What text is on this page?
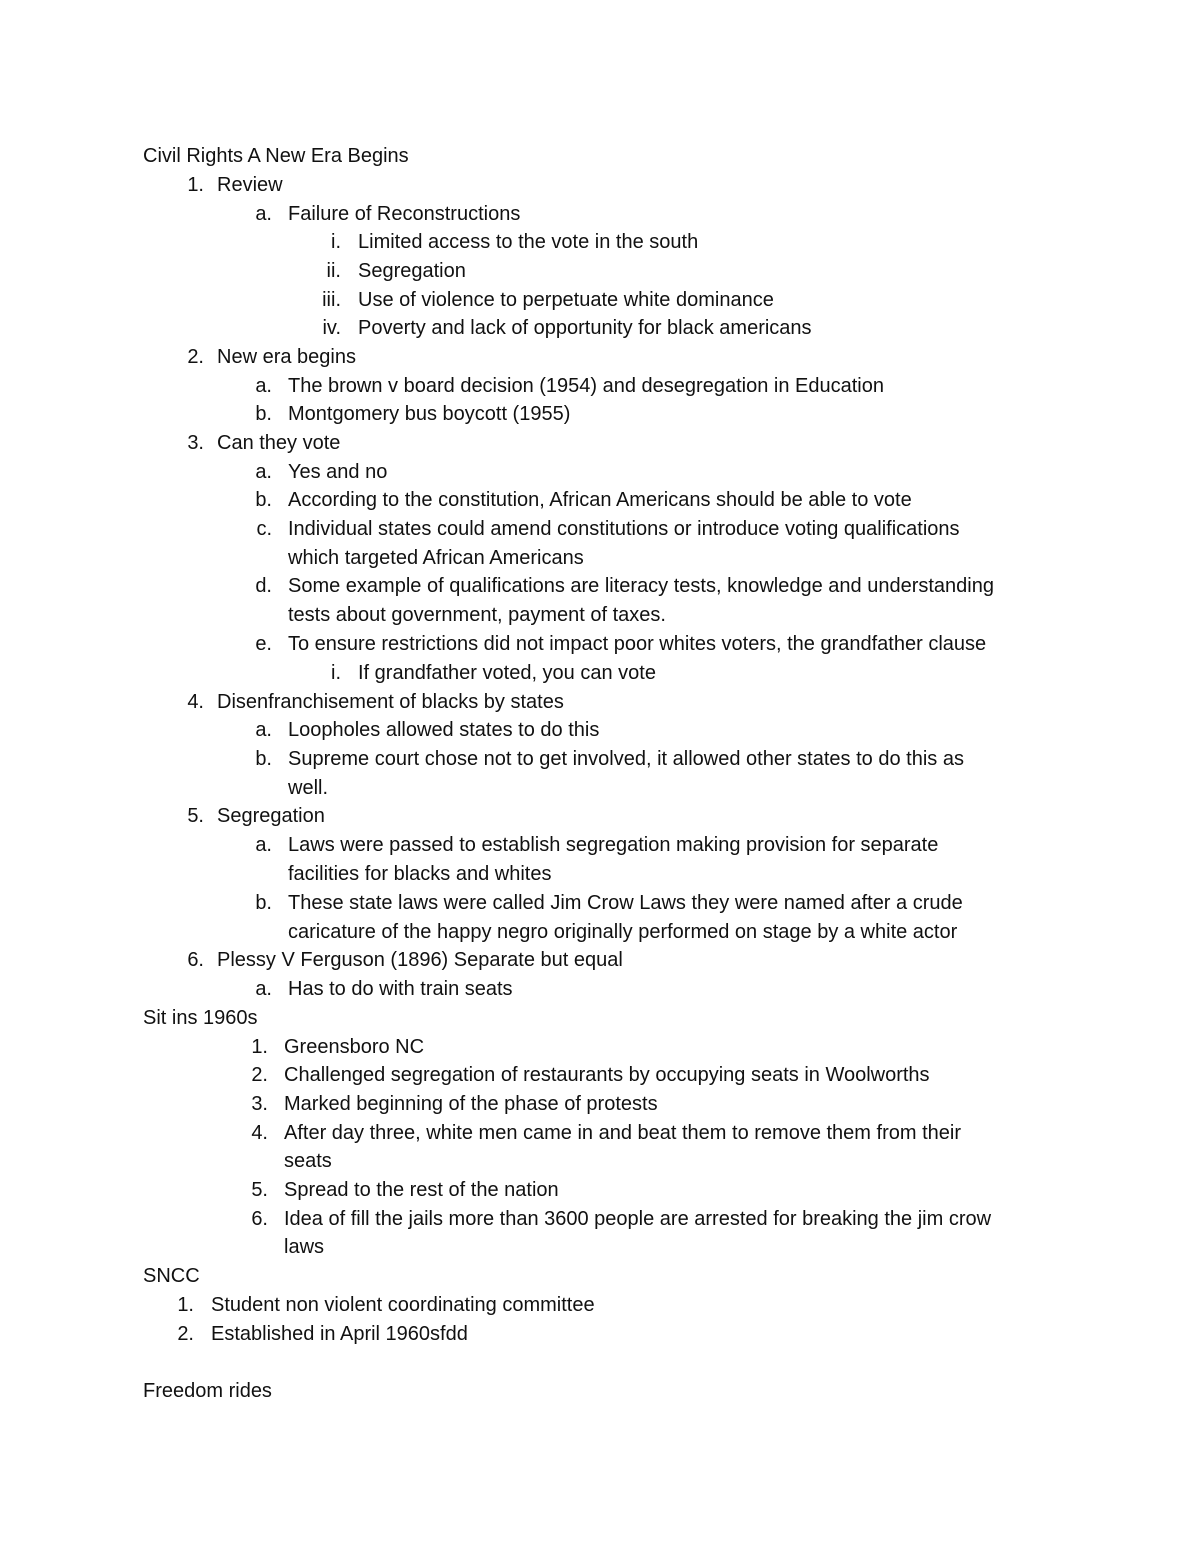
Civil Rights A New Era Begins
1. Review
a. Failure of Reconstructions
i. Limited access to the vote in the south
ii. Segregation
iii. Use of violence to perpetuate white dominance
iv. Poverty and lack of opportunity for black americans
2. New era begins
a. The brown v board decision (1954) and desegregation in Education
b. Montgomery bus boycott (1955)
3. Can they vote
a. Yes and no
b. According to the constitution, African Americans should be able to vote
c. Individual states could amend constitutions or introduce voting qualifications
which targeted African Americans
d. Some example of qualifications are literacy tests, knowledge and understanding
tests about government, payment of taxes.
e. To ensure restrictions did not impact poor whites voters, the grandfather clause
i. If grandfather voted, you can vote
4. Disenfranchisement of blacks by states
a. Loopholes allowed states to do this
b. Supreme court chose not to get involved, it allowed other states to do this as
well.
5. Segregation
a. Laws were passed to establish segregation making provision for separate
facilities for blacks and whites
b. These state laws were called Jim Crow Laws they were named after a crude
caricature of the happy negro originally performed on stage by a white actor
6. Plessy V Ferguson (1896) Separate but equal
a. Has to do with train seats
Sit ins 1960s
1. Greensboro NC
2. Challenged segregation of restaurants by occupying seats in Woolworths
3. Marked beginning of the phase of protests
4. After day three, white men came in and beat them to remove them from their
seats
5. Spread to the rest of the nation
6. Idea of fill the jails more than 3600 people are arrested for breaking the jim crow
laws
SNCC
1. Student non violent coordinating committee
2. Established in April 1960sfdd
Freedom rides
